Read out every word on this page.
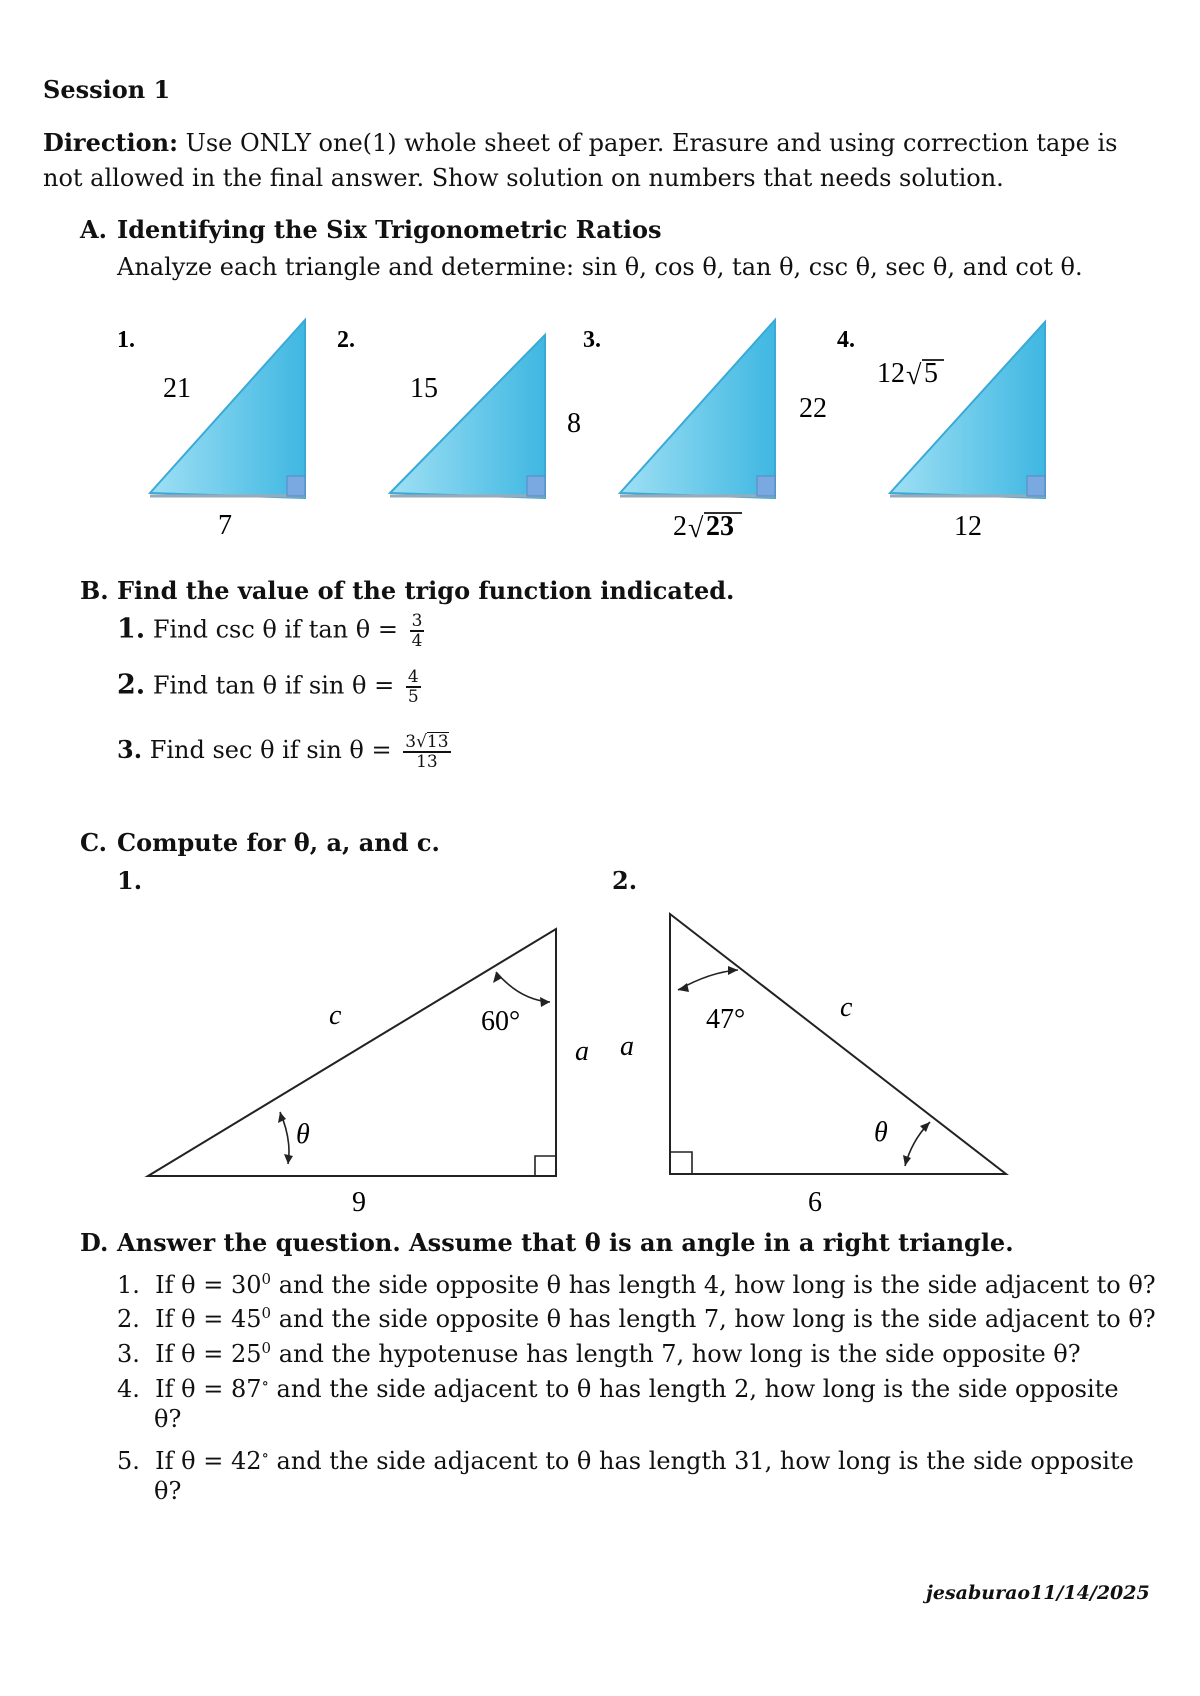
Session 1
Direction: Use ONLY one(1) whole sheet of paper. Erasure and using correction tape is
not allowed in the final answer. Show solution on numbers that needs solution.
A. Identifying the Six Trigonometric Ratios
Analyze each triangle and determine: sin θ, cos θ, tan θ, csc θ, sec θ, and cot θ.
1.	2.	3.	4.
21
7
15
8	22
2 √ 23
12 √ 5
12
B. Find the value of the trigo function indicated.
1. Find csc θ if $\tan \theta = \frac{3}{4}$
2. Find tan θ if $\sin \theta = \frac{4}{5}$
3. Find sec θ if $\sin \theta = \frac{3√13}{13}$
C. Compute for θ, a, and c.
1.	2.
c	60°
a
θ
9
a
47°	c
θ
6
D. Answer the question. Assume that θ is an angle in a right triangle.
1. If $\theta = 30^0$ and the side opposite θ has length 4, how long is the side adjacent to θ?
2. If $\theta = 45^0$ and the side opposite θ has length 7, how long is the side adjacent to θ?
3. If $\theta = 25^0$ and the hypotenuse has length 7, how long is the side opposite θ?
4. If θ = 87∘ and the side adjacent to θ has length 2, how long is the side opposite
θ?
5. If θ = 42∘ and the side adjacent to θ has length 31, how long is the side opposite
θ?
jesaburao11/14/2025
